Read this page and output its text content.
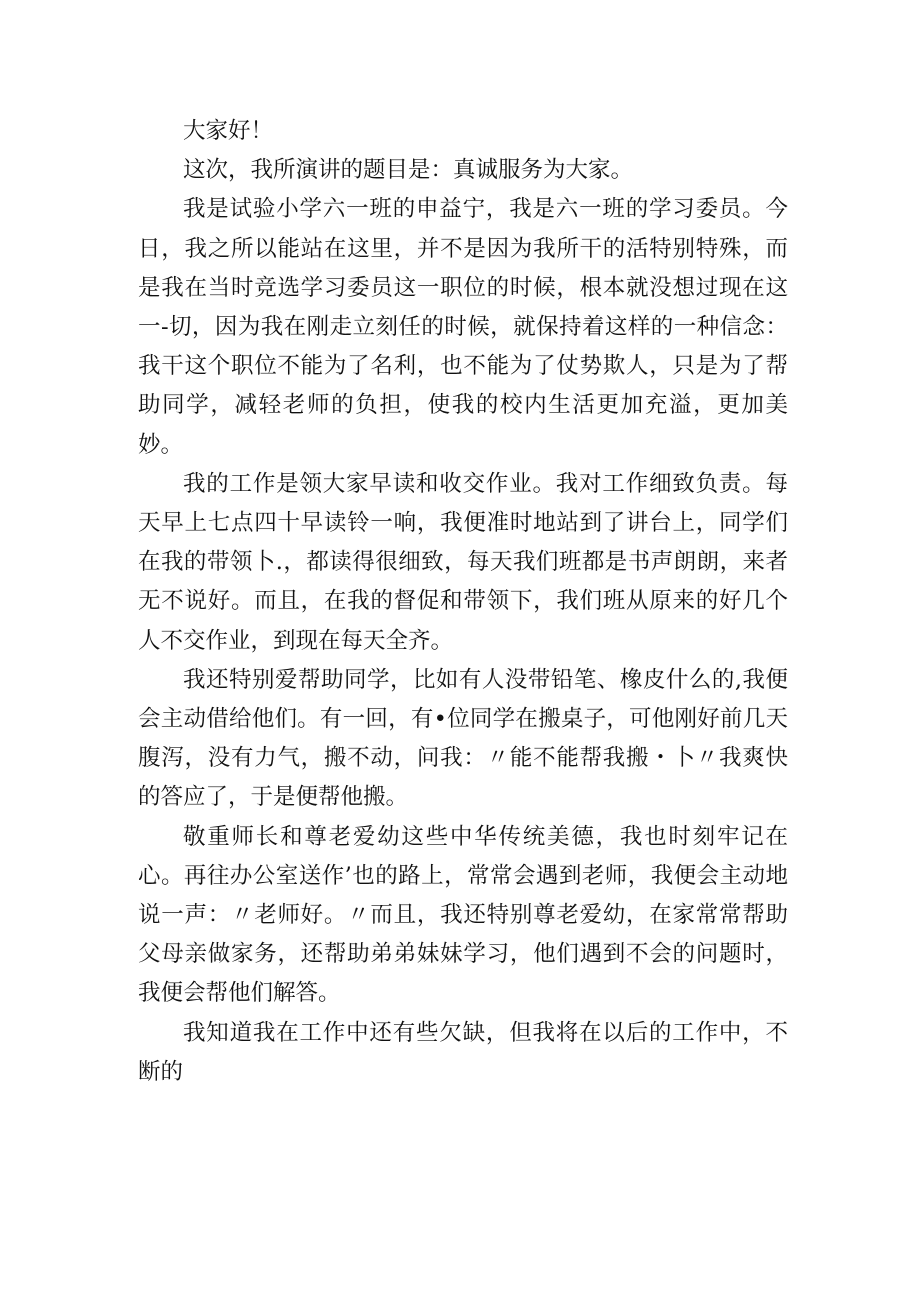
大家好！

这次，我所演讲的题目是：真诚服务为大家。

我是试验小学六一班的申益宁，我是六一班的学习委员。今日，我之所以能站在这里，并不是因为我所干的活特别特殊，而是我在当时竞选学习委员这一职位的时候，根本就没想过现在这一-切，因为我在刚走立刻任的时候，就保持着这样的一种信念：我干这个职位不能为了名利，也不能为了仗势欺人，只是为了帮助同学，减轻老师的负担，使我的校内生活更加充溢，更加美妙。

我的工作是领大家早读和收交作业。我对工作细致负责。每天早上七点四十早读铃一响，我便准时地站到了讲台上，同学们在我的带领卜.，都读得很细致，每天我们班都是书声朗朗，来者无不说好。而且，在我的督促和带领下，我们班从原来的好几个人不交作业，到现在每天全齐。

我还特别爱帮助同学，比如有人没带铅笔、橡皮什么的,我便会主动借给他们。有一回，有•位同学在搬桌子，可他刚好前几天腹泻，没有力气，搬不动，问我：〃能不能帮我搬・卜〃我爽快的答应了，于是便帮他搬。

敬重师长和尊老爱幼这些中华传统美德，我也时刻牢记在心。再往办公室送作’也的路上，常常会遇到老师，我便会主动地说一声：〃老师好。〃而且，我还特别尊老爱幼，在家常常帮助父母亲做家务，还帮助弟弟妹妹学习，他们遇到不会的问题时，我便会帮他们解答。

我知道我在工作中还有些欠缺，但我将在以后的工作中，不断的
